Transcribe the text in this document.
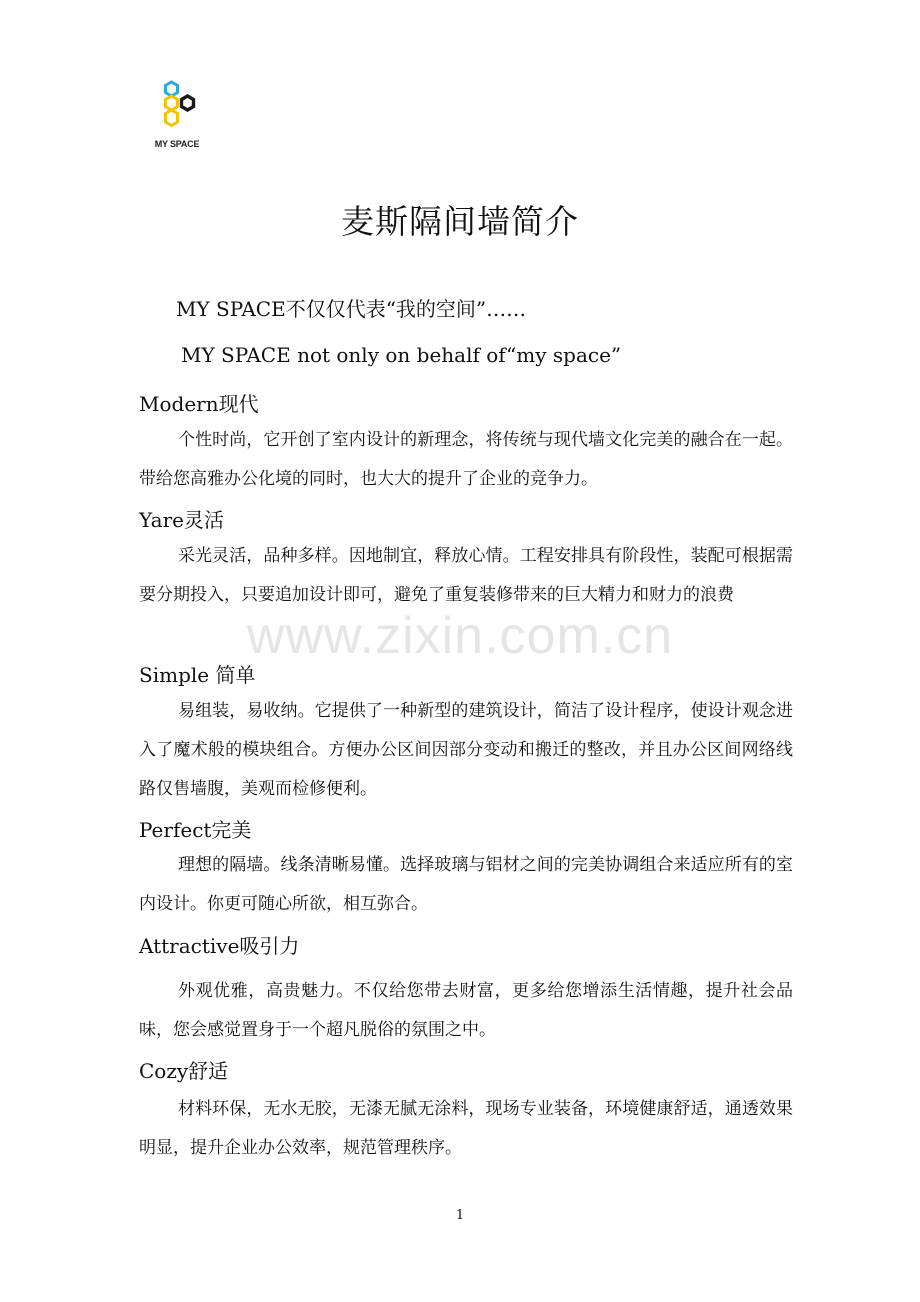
MY SPACE
麦斯隔间墙简介
MY SPACE不仅仅代表“我的空间”……
MY SPACE not only on behalf of“my space”
Modern现代
个性时尚，它开创了室内设计的新理念，将传统与现代墙文化完美的融合在一起。带给您高雅办公化境的同时，也大大的提升了企业的竞争力。
Yare灵活
采光灵活，品种多样。因地制宜，释放心情。工程安排具有阶段性，装配可根据需要分期投入，只要追加设计即可，避免了重复装修带来的巨大精力和财力的浪费
Simple 简单
易组装，易收纳。它提供了一种新型的建筑设计，简洁了设计程序，使设计观念进入了魔术般的模块组合。方便办公区间因部分变动和搬迁的整改，并且办公区间网络线路仅售墙腹，美观而检修便利。
Perfect完美
理想的隔墙。线条清晰易懂。选择玻璃与铝材之间的完美协调组合来适应所有的室内设计。你更可随心所欲，相互弥合。
Attractive吸引力
外观优雅，高贵魅力。不仅给您带去财富，更多给您增添生活情趣，提升社会品味，您会感觉置身于一个超凡脱俗的氛围之中。
Cozy舒适
材料环保，无水无胶，无漆无腻无涂料，现场专业装备，环境健康舒适，通透效果明显，提升企业办公效率，规范管理秩序。
www.zixin.com.cn
1
